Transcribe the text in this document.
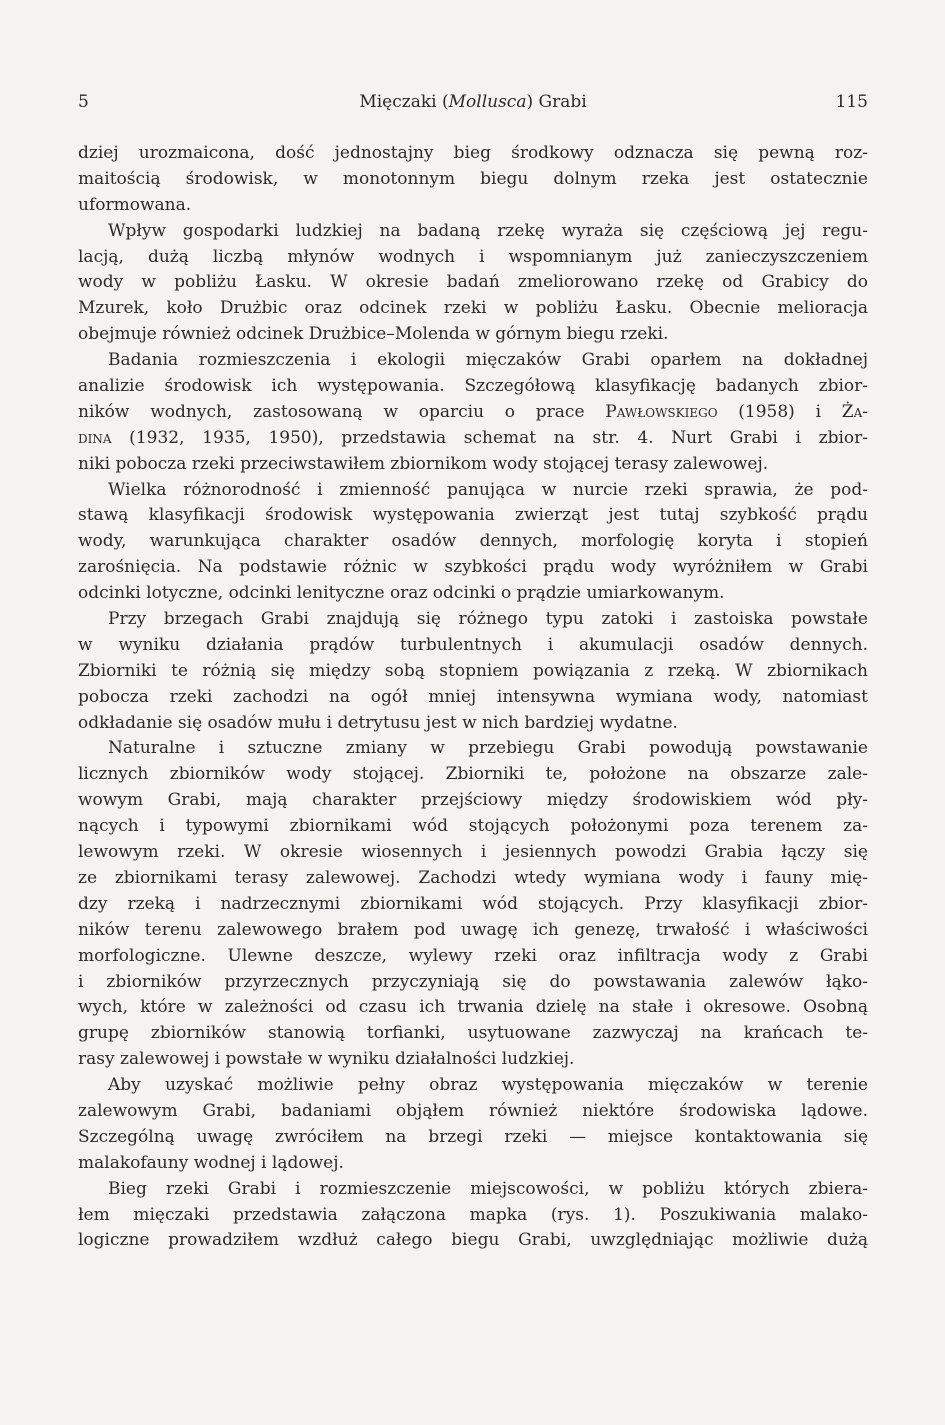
5	Mięczaki (Mollusca) Grabi	115
dziej urozmaicona, dość jednostajny bieg środkowy odznacza się pewną roz-
maitością środowisk, w monotonnym biegu dolnym rzeka jest ostatecznie
uformowana.
Wpływ gospodarki ludzkiej na badaną rzekę wyraża się częściową jej regu-
lacją, dużą liczbą młynów wodnych i wspomnianym już zanieczyszczeniem
wody w pobliżu Łasku. W okresie badań zmeliorowano rzekę od Grabicy do
Mzurek, koło Drużbic oraz odcinek rzeki w pobliżu Łasku. Obecnie melioracja
obejmuje również odcinek Drużbice–Molenda w górnym biegu rzeki.
Badania rozmieszczenia i ekologii mięczaków Grabi oparłem na dokładnej
analizie środowisk ich występowania. Szczegółową klasyfikację badanych zbior-
ników wodnych, zastosowaną w oparciu o prace Pawłowskiego (1958) i Ża-
dina (1932, 1935, 1950), przedstawia schemat na str. 4. Nurt Grabi i zbior-
niki pobocza rzeki przeciwstawiłem zbiornikom wody stojącej terasy zalewowej.
Wielka różnorodność i zmienność panująca w nurcie rzeki sprawia, że pod-
stawą klasyfikacji środowisk występowania zwierząt jest tutaj szybkość prądu
wody, warunkująca charakter osadów dennych, morfologię koryta i stopień
zarośnięcia. Na podstawie różnic w szybkości prądu wody wyróżniłem w Grabi
odcinki lotyczne, odcinki lenityczne oraz odcinki o prądzie umiarkowanym.
Przy brzegach Grabi znajdują się różnego typu zatoki i zastoiska powstałe
w wyniku działania prądów turbulentnych i akumulacji osadów dennych.
Zbiorniki te różnią się między sobą stopniem powiązania z rzeką. W zbiornikach
pobocza rzeki zachodzi na ogół mniej intensywna wymiana wody, natomiast
odkładanie się osadów mułu i detrytusu jest w nich bardziej wydatne.
Naturalne i sztuczne zmiany w przebiegu Grabi powodują powstawanie
licznych zbiorników wody stojącej. Zbiorniki te, położone na obszarze zale-
wowym Grabi, mają charakter przejściowy między środowiskiem wód pły-
nących i typowymi zbiornikami wód stojących położonymi poza terenem za-
lewowym rzeki. W okresie wiosennych i jesiennych powodzi Grabia łączy się
ze zbiornikami terasy zalewowej. Zachodzi wtedy wymiana wody i fauny mię-
dzy rzeką i nadrzecznymi zbiornikami wód stojących. Przy klasyfikacji zbior-
ników terenu zalewowego brałem pod uwagę ich genezę, trwałość i właściwości
morfologiczne. Ulewne deszcze, wylewy rzeki oraz infiltracja wody z Grabi
i zbiorników przyrzecznych przyczyniają się do powstawania zalewów łąko-
wych, które w zależności od czasu ich trwania dzielę na stałe i okresowe. Osobną
grupę zbiorników stanowią torfianki, usytuowane zazwyczaj na krańcach te-
rasy zalewowej i powstałe w wyniku działalności ludzkiej.
Aby uzyskać możliwie pełny obraz występowania mięczaków w terenie
zalewowym Grabi, badaniami objąłem również niektóre środowiska lądowe.
Szczególną uwagę zwróciłem na brzegi rzeki — miejsce kontaktowania się
malakofauny wodnej i lądowej.
Bieg rzeki Grabi i rozmieszczenie miejscowości, w pobliżu których zbiera-
łem mięczaki przedstawia załączona mapka (rys. 1). Poszukiwania malako-
logiczne prowadziłem wzdłuż całego biegu Grabi, uwzględniając możliwie dużą
